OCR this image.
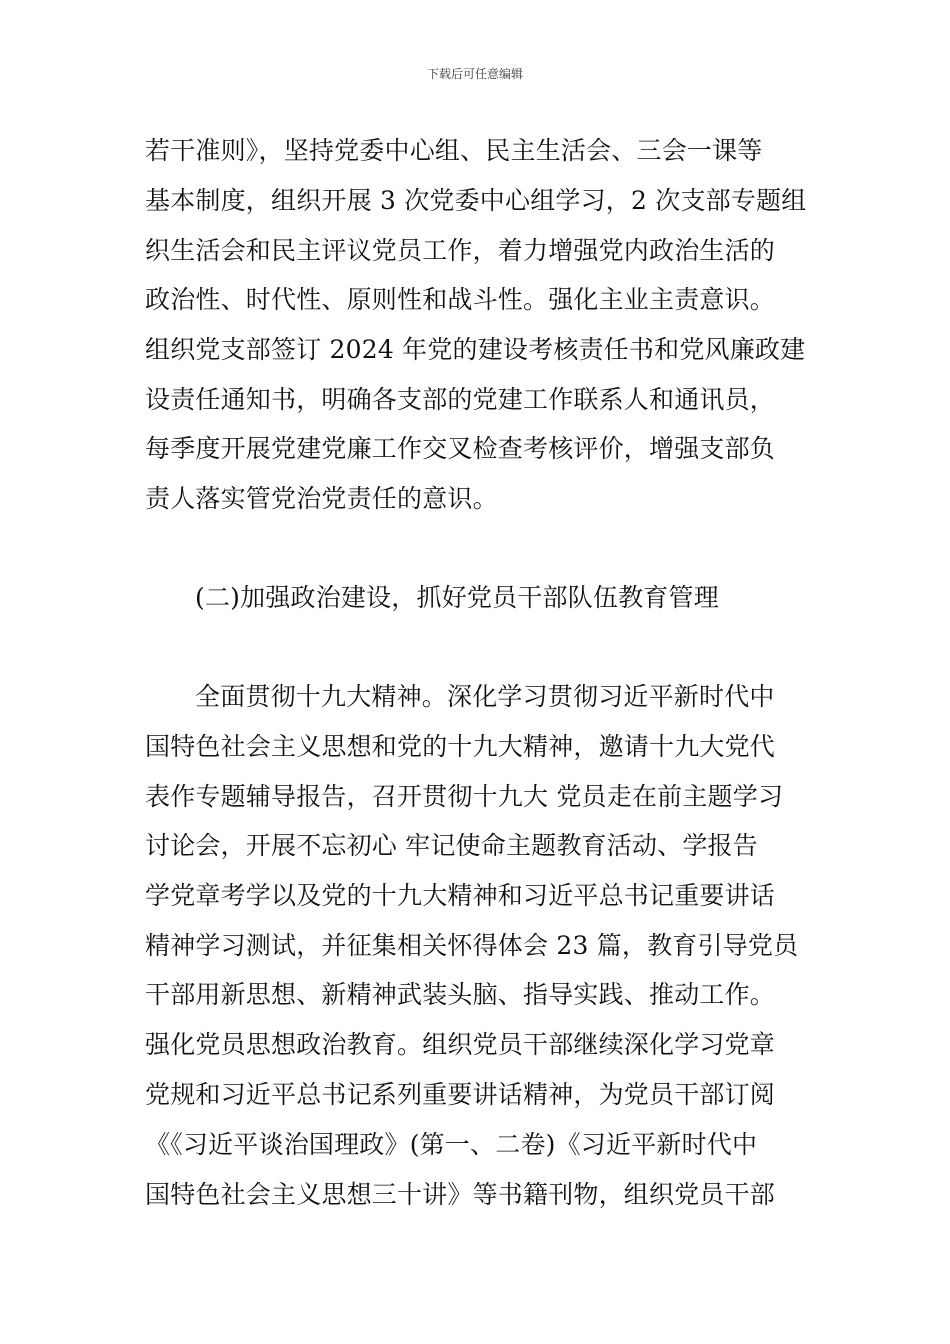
下载后可任意编辑
若干准则》，坚持党委中心组、民主生活会、三会一课等
基本制度，组织开展 3 次党委中心组学习，2 次支部专题组
织生活会和民主评议党员工作，着力增强党内政治生活的
政治性、时代性、原则性和战斗性。强化主业主责意识。
组织党支部签订 2024 年党的建设考核责任书和党风廉政建
设责任通知书，明确各支部的党建工作联系人和通讯员，
每季度开展党建党廉工作交叉检查考核评价，增强支部负
责人落实管党治党责任的意识。
(二)加强政治建设，抓好党员干部队伍教育管理
全面贯彻十九大精神。深化学习贯彻习近平新时代中
国特色社会主义思想和党的十九大精神，邀请十九大党代
表作专题辅导报告，召开贯彻十九大 党员走在前主题学习
讨论会，开展不忘初心 牢记使命主题教育活动、学报告
学党章考学以及党的十九大精神和习近平总书记重要讲话
精神学习测试，并征集相关怀得体会 23 篇，教育引导党员
干部用新思想、新精神武装头脑、指导实践、推动工作。
强化党员思想政治教育。组织党员干部继续深化学习党章
党规和习近平总书记系列重要讲话精神，为党员干部订阅
《《习近平谈治国理政》(第一、二卷)《习近平新时代中
国特色社会主义思想三十讲》等书籍刊物，组织党员干部
